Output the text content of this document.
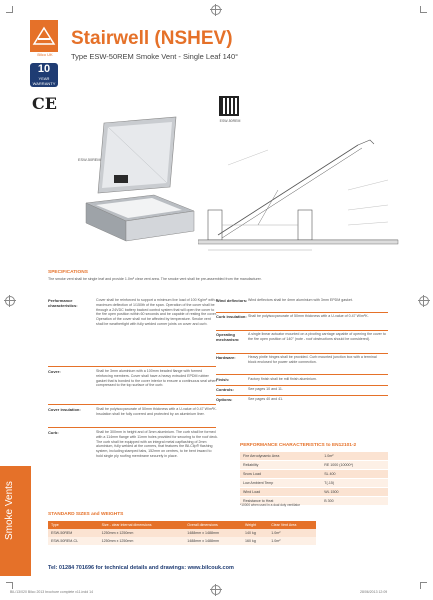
Bilco UK
10
YEAR WARRANTY
CE
Stairwell (NSHEV)
Type ESW-50REM Smoke Vent - Single Leaf 140°
ESW-50REM
ESW-50REM
SPECIFICATIONS
The smoke vent shall be single leaf and provide 1.0m² clear vent area. The smoke vent shall be pre-assembled from the manufacturer.
Performance characteristics:
Cover shall be reinforced to support a minimum live load of 100 Kg/m² with a maximum deflection of 1/150th of the span. Operation of the cover shall be through a 24VDC battery backed control system that will open the cover to the fire open position within 60 seconds and be capable of resting the cover. Operation of the cover shall not be affected by temperature. Smoke vent shall be weathertight with fully welded corner joints on cover and curb.
Cover:	Shall be 3mm aluminium with a 100mm beaded flange with formed reinforcing members. Cover shall have a heavy extruded EPDM rubber gasket that is bonded to the cover interior to ensure a continuous seal when compressed to the top surface of the curb.
Cover insulation:	Shall be polyisocyanurate of 50mm thickness with a U-value of 0.47 W/m²K. Insulation shall be fully covered and protected by an aluminium liner.
Curb:	Shall be 300mm in height and of 3mm aluminium. The curb shall be formed with a 114mm flange with 11mm holes provided for securing to the roof deck. The curb shall be equipped with an integral metal capflashing of 2mm aluminium, fully welded at the corners, that features the Bil-Clip® flashing system, including stamped tabs, 152mm on centres, to be bent inward to hold single ply roofing membrane securely in place.
Wind deflectors: Wind deflectors shall be 4mm aluminium with 3mm EPDM gasket.
Curb insulation: Shall be polyisocyanurate of 50mm thickness with a U-value of 0.47 W/m²K.
Operating mechanism:
A single linear actuator mounted on a pivoting carriage capable of opening the cover to the fire open position of 140° (note - roof obstructions should be considered).
Hardware:	Heavy pintle hinges shall be provided. Curb mounted junction box with a terminal block enclosed for power cable connection.
Finish:	Factory finish shall be mill finish aluminium.
Controls:	See pages 10 and 11.
Options:	See pages 40 and 41.
PERFORMANCE CHARACTERISTICS to EN12101-2
Fire Aerodynamic Area	1.0m²
Reliability	RE 1000 (10000*)
Snow Load	SL 400
Low Ambient Temp	T(-15)
Wind Load	WL 1500
Resistance to Heat	B 300
*10000 when used in a dual duty ventilator
STANDARD SIZES and WEIGHTS
Type	Size - clear internal dimensions	Overall dimensions	Weight	Clear Vent Area
ESW-50REM	1250mm x 1250mm	1488mm x 1488mm	140 kg	1.0m²
ESW-50REM-CL	1250mm x 1250mm	1488mm x 1488mm	160 kg	1.0m²
Smoke Vents
Tel: 01284 701696 for technical details and drawings: www.bilcouk.com
BIL/13/020 Bilco 2013 brochure complete v11.indd 14	28/06/2013 12:09
